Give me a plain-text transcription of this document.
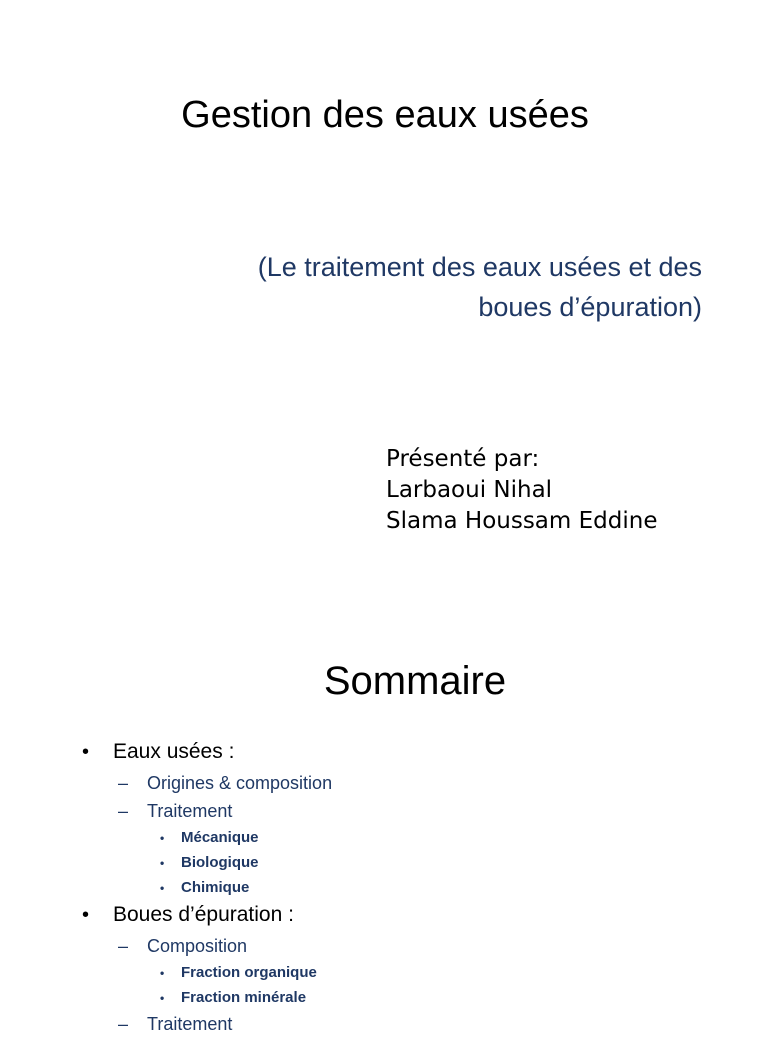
Gestion des eaux usées
(Le traitement des eaux usées et des
boues d’épuration)
Présenté par:
Larbaoui Nihal
Slama Houssam Eddine
Sommaire
• Eaux usées :
– Origines & composition
– Traitement
• Mécanique
• Biologique
• Chimique
• Boues d’épuration :
– Composition
• Fraction organique
• Fraction minérale
– Traitement
